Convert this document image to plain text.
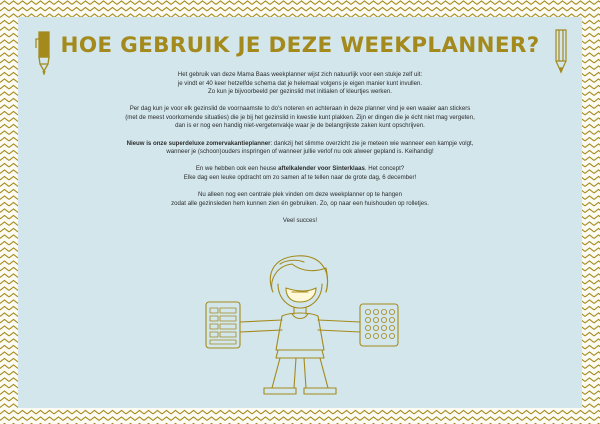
HOE GEBRUIK JE DEZE WEEKPLANNER?

Het gebruik van deze Mama Baas weekplanner wijst zich natuurlijk voor een stukje zelf uit:
je vindt er 40 keer hetzelfde schema dat je helemaal volgens je eigen manier kunt invullen.
Zo kun je bijvoorbeeld per gezinslid met initialen of kleurtjes werken.

Per dag kun je voor elk gezinslid de voornaamste to do's noteren en achteraan in deze planner vind je een waaier aan stickers
(met de meest voorkomende situaties) die je bij het gezinslid in kwestie kunt plakken. Zijn er dingen die je écht niet mag vergeten,
dan is er nog een handig niet-vergetenvakje waar je de belangrijkste zaken kunt opschrijven.

Nieuw is onze superdeluxe zomervakantieplanner: dankzij het slimme overzicht zie je meteen wie wanneer een kampje volgt,
wanneer je (schoon)ouders inspringen of wanneer jullie verlof nu ook alweer gepland is. Keihandig!

En we hebben ook een heuse aftelkalender voor Sinterklaas. Het concept?
Elke dag een leuke opdracht om zo samen af te tellen naar de grote dag, 6 december!

Nu alleen nog een centrale plek vinden om deze weekplanner op te hangen
zodat alle gezinsleden hem kunnen zien én gebruiken. Zo, op naar een huishouden op rolletjes.

Veel succes!
